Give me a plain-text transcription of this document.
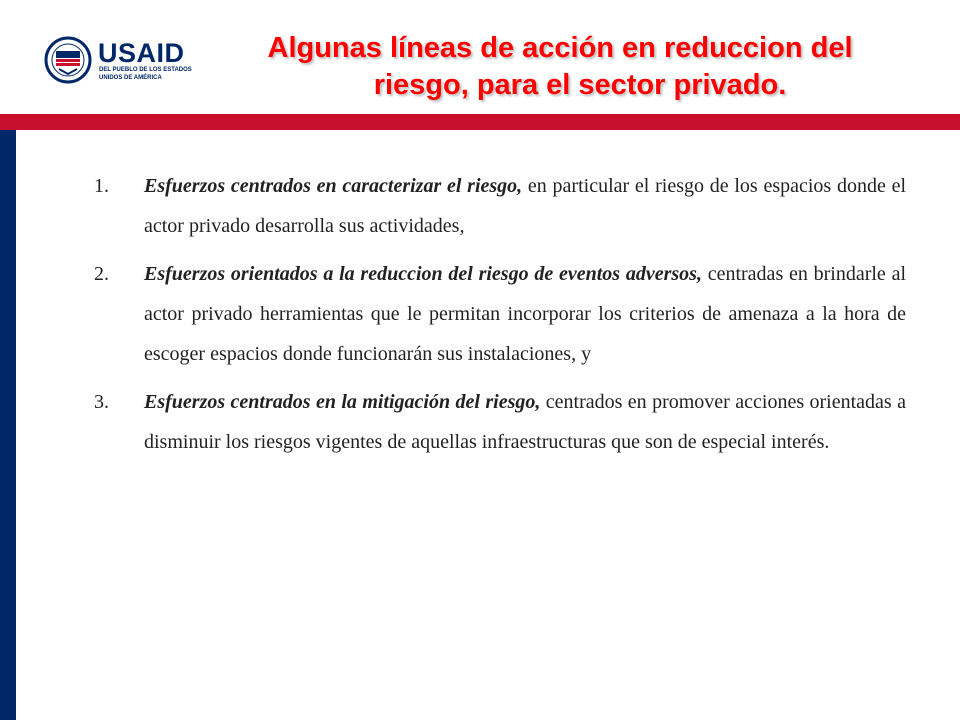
USAID
DEL PUEBLO DE LOS ESTADOS UNIDOS DE AMÉRICA
Algunas líneas de acción en reduccion del
riesgo, para el sector privado.
1. Esfuerzos centrados en caracterizar el riesgo, en particular el riesgo de los espacios donde el actor privado desarrolla sus actividades,
2. Esfuerzos orientados a la reduccion del riesgo de eventos adversos, centradas en brindarle al actor privado herramientas que le permitan incorporar los criterios de amenaza a la hora de escoger espacios donde funcionarán sus instalaciones, y
3. Esfuerzos centrados en la mitigación del riesgo, centrados en promover acciones orientadas a disminuir los riesgos vigentes de aquellas infraestructuras que son de especial interés.
